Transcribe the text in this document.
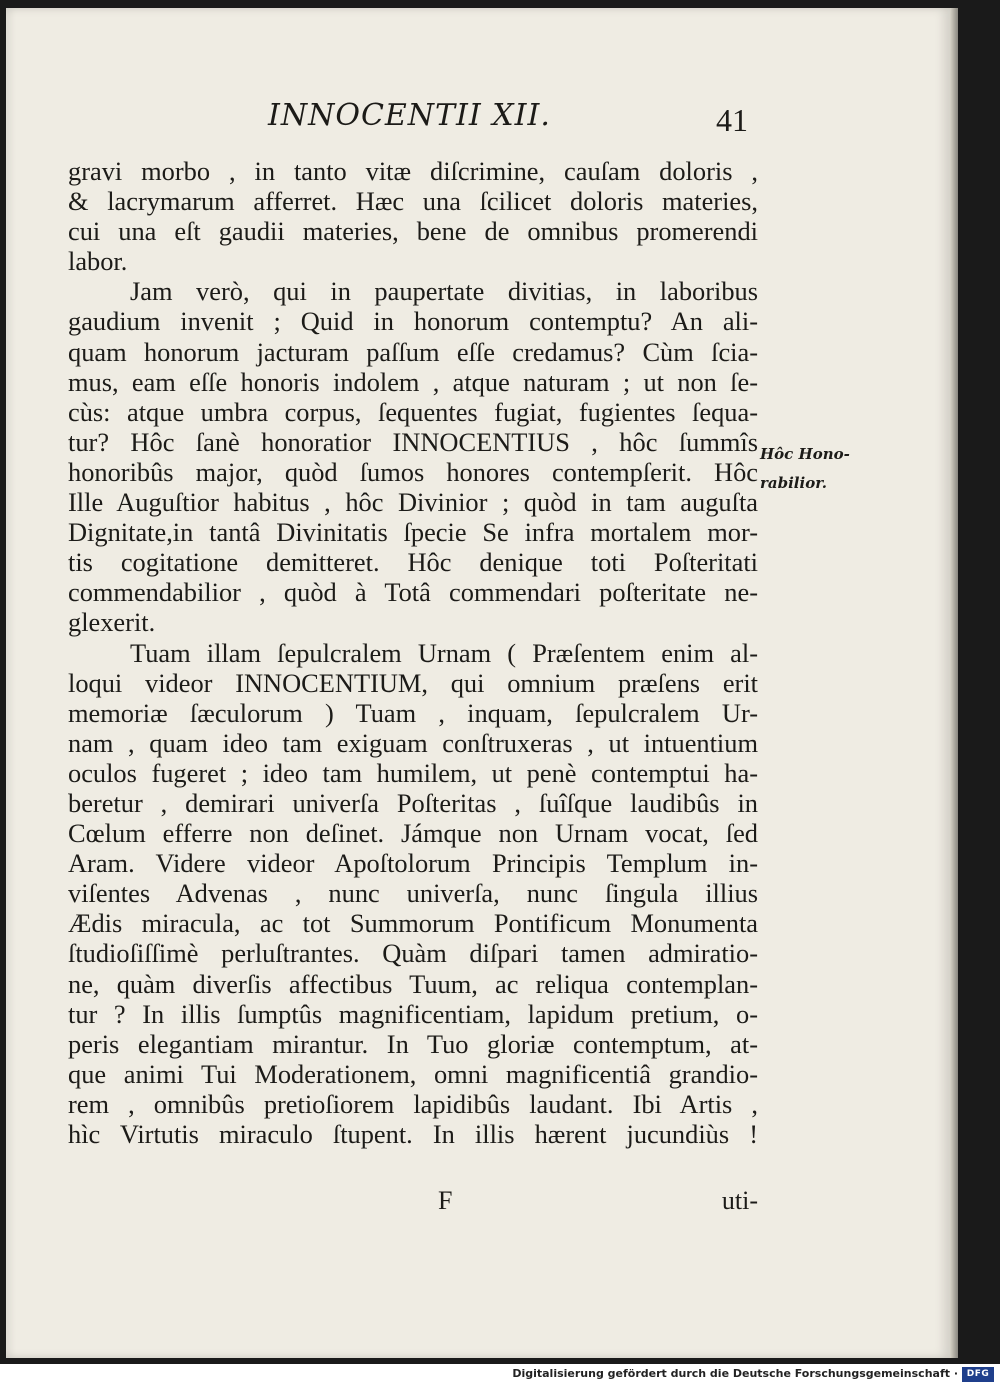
INNOCENTII XII.	41
gravi morbo , in tanto vitæ diſcrimine, cauſam doloris ,
& lacrymarum afferret. Hæc una ſcilicet doloris materies,
cui una eſt gaudii materies, bene de omnibus promerendi
labor.
Jam verò, qui in paupertate divitias, in laboribus
gaudium invenit ; Quid in honorum contemptu? An ali-
quam honorum jacturam paſſum eſſe credamus? Cùm ſcia-
mus, eam eſſe honoris indolem , atque naturam ; ut non ſe-
cùs: atque umbra corpus, ſequentes fugiat, fugientes ſequa-
tur? Hôc ſanè honoratior INNOCENTIUS , hôc ſummîs
honoribûs major, quòd ſumos honores contempſerit. Hôc
Ille Auguſtior habitus , hôc Divinior ; quòd in tam auguſta
Dignitate,in tantâ Divinitatis ſpecie Se infra mortalem mor-
tis cogitatione demitteret. Hôc denique toti Poſteritati
commendabilior , quòd à Totâ commendari poſteritate ne-
glexerit.
Tuam illam ſepulcralem Urnam ( Præſentem enim al-
loqui videor INNOCENTIUM, qui omnium præſens erit
memoriæ ſæculorum ) Tuam , inquam, ſepulcralem Ur-
nam , quam ideo tam exiguam conſtruxeras , ut intuentium
oculos fugeret ; ideo tam humilem, ut penè contemptui ha-
beretur , demirari univerſa Poſteritas , ſuîſque laudibûs in
Cœlum efferre non deſinet. Jámque non Urnam vocat, ſed
Aram. Videre videor Apoſtolorum Principis Templum in-
viſentes Advenas , nunc univerſa, nunc ſingula illius
Ædis miracula, ac tot Summorum Pontificum Monumenta
ſtudioſiſſimè perluſtrantes. Quàm diſpari tamen admiratio-
ne, quàm diverſis affectibus Tuum, ac reliqua contemplan-
tur ? In illis ſumptûs magnificentiam, lapidum pretium, o-
peris elegantiam mirantur. In Tuo gloriæ contemptum, at-
que animi Tui Moderationem, omni magnificentiâ grandio-
rem , omnibûs pretioſiorem lapidibûs laudant. Ibi Artis ,
hìc Virtutis miraculo ſtupent. In illis hærent jucundiùs !
Hôc Hono-
rabilior.
F	uti-
Digitalisierung gefördert durch die Deutsche Forschungsgemeinschaft · DFG
